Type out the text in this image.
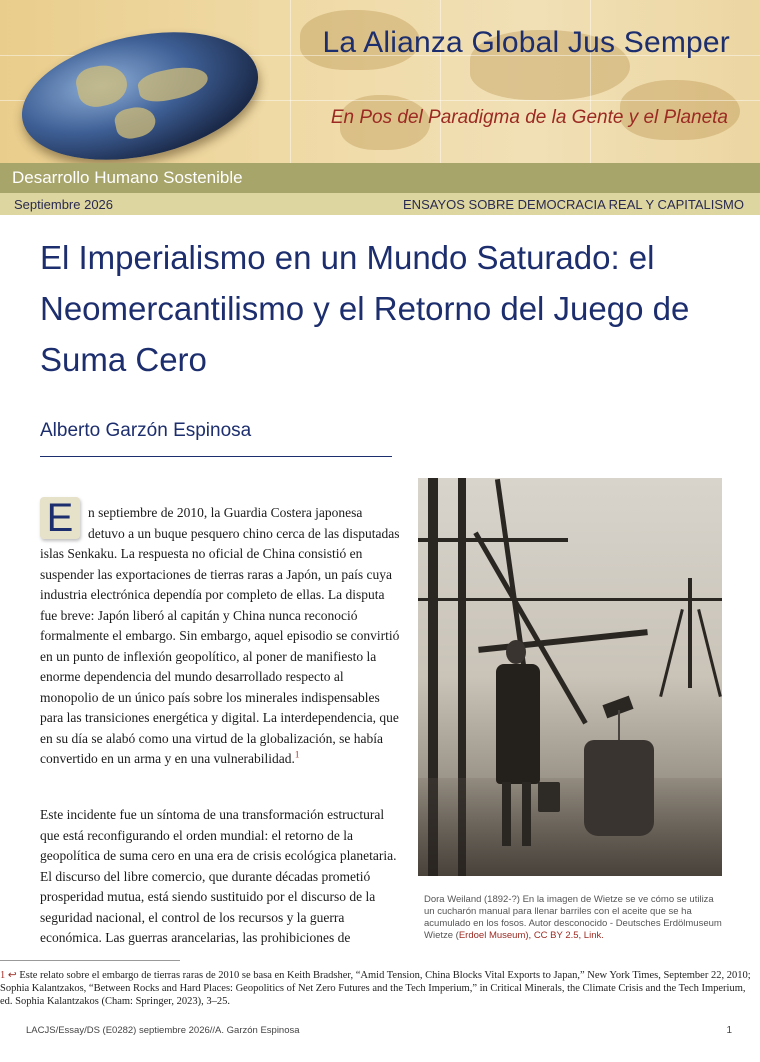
La Alianza Global Jus Semper
En Pos del Paradigma de la Gente y el Planeta
Desarrollo Humano Sostenible
Septiembre 2026	ENSAYOS SOBRE DEMOCRACIA REAL Y CAPITALISMO
El Imperialismo en un Mundo Saturado: el Neomercantilismo y el Retorno del Juego de Suma Cero
Alberto Garzón Espinosa
E	n septiembre de 2010, la Guardia Costera japonesa detuvo a un buque pesquero chino cerca de las disputadas islas Senkaku. La respuesta no oficial de China consistió en suspender las exportaciones de tierras raras a Japón, un país cuya industria electrónica dependía por completo de ellas. La disputa fue breve: Japón liberó al capitán y China nunca reconoció formalmente el embargo. Sin embargo, aquel episodio se convirtió en un punto de inflexión geopolítico, al poner de manifiesto la enorme dependencia del mundo desarrollado respecto al monopolio de un único país sobre los minerales indispensables para las transiciones energética y digital. La interdependencia, que en su día se alabó como una virtud de la globalización, se había convertido en un arma y en una vulnerabilidad.$^1$
Este incidente fue un síntoma de una transformación estructural que está reconfigurando el orden mundial: el retorno de la geopolítica de suma cero en una era de crisis ecológica planetaria. El discurso del libre comercio, que durante décadas prometió prosperidad mutua, está siendo sustituido por el discurso de la seguridad nacional, el control de los recursos y la guerra económica. Las guerras arancelarias, las prohibiciones de
Dora Weiland (1892-?) En la imagen de Wietze se ve cómo se utiliza un cucharón manual para llenar barriles con el aceite que se ha acumulado en los fosos. Autor desconocido - Deutsches Erdölmuseum Wietze (Erdoel Museum), CC BY 2.5, Link.
1 ↩ Este relato sobre el embargo de tierras raras de 2010 se basa en Keith Bradsher, “Amid Tension, China Blocks Vital Exports to Japan,” New York Times, September 22, 2010; Sophia Kalantzakos, “Between Rocks and Hard Places: Geopolitics of Net Zero Futures and the Tech Imperium,” in Critical Minerals, the Climate Crisis and the Tech Imperium, ed. Sophia Kalantzakos (Cham: Springer, 2023), 3–25.
LACJS/Essay/DS (E0282) septiembre 2026//A. Garzón Espinosa	1
